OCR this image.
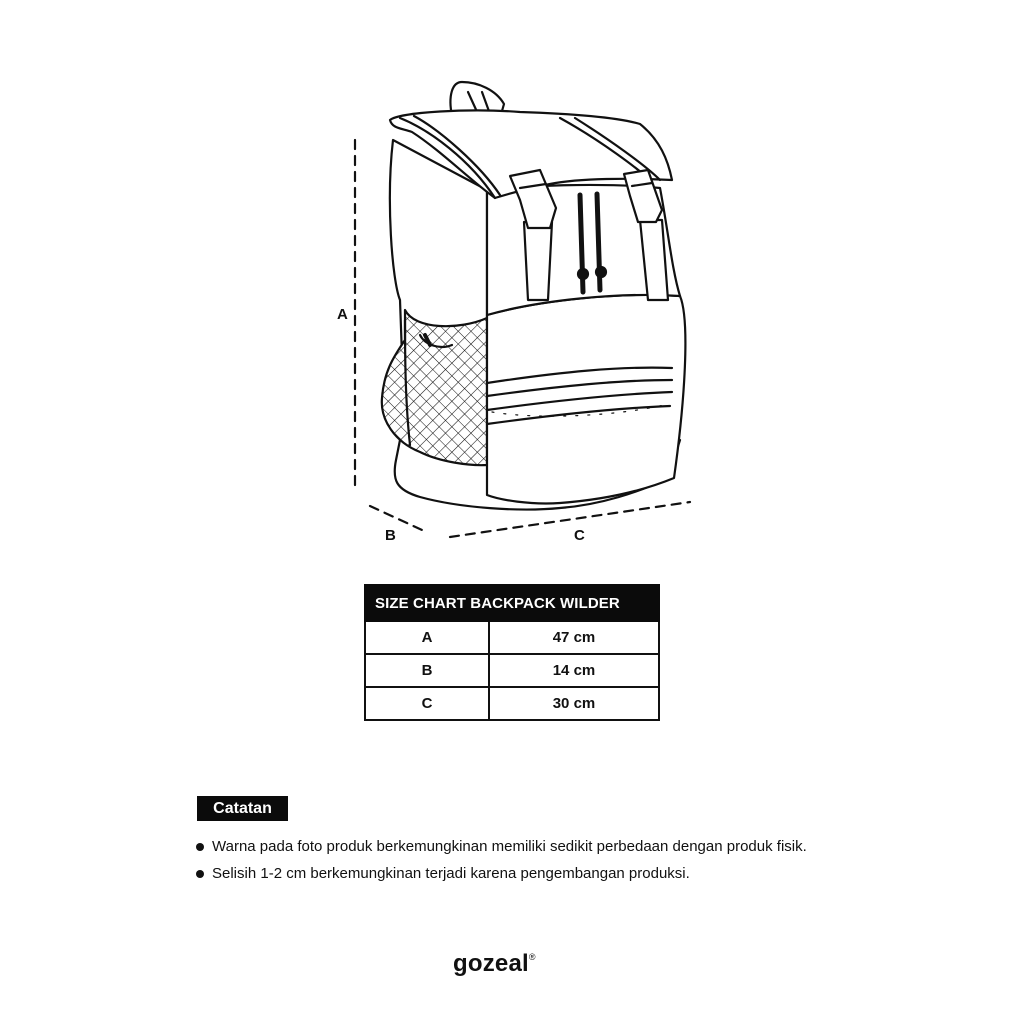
A
B	C
SIZE CHART BACKPACK WILDER	
A	47 cm
B	14 cm
C	30 cm
Catatan
Warna pada foto produk berkemungkinan memiliki sedikit perbedaan dengan produk fisik.
Selisih 1-2 cm berkemungkinan terjadi karena pengembangan produksi.
gozeal®
